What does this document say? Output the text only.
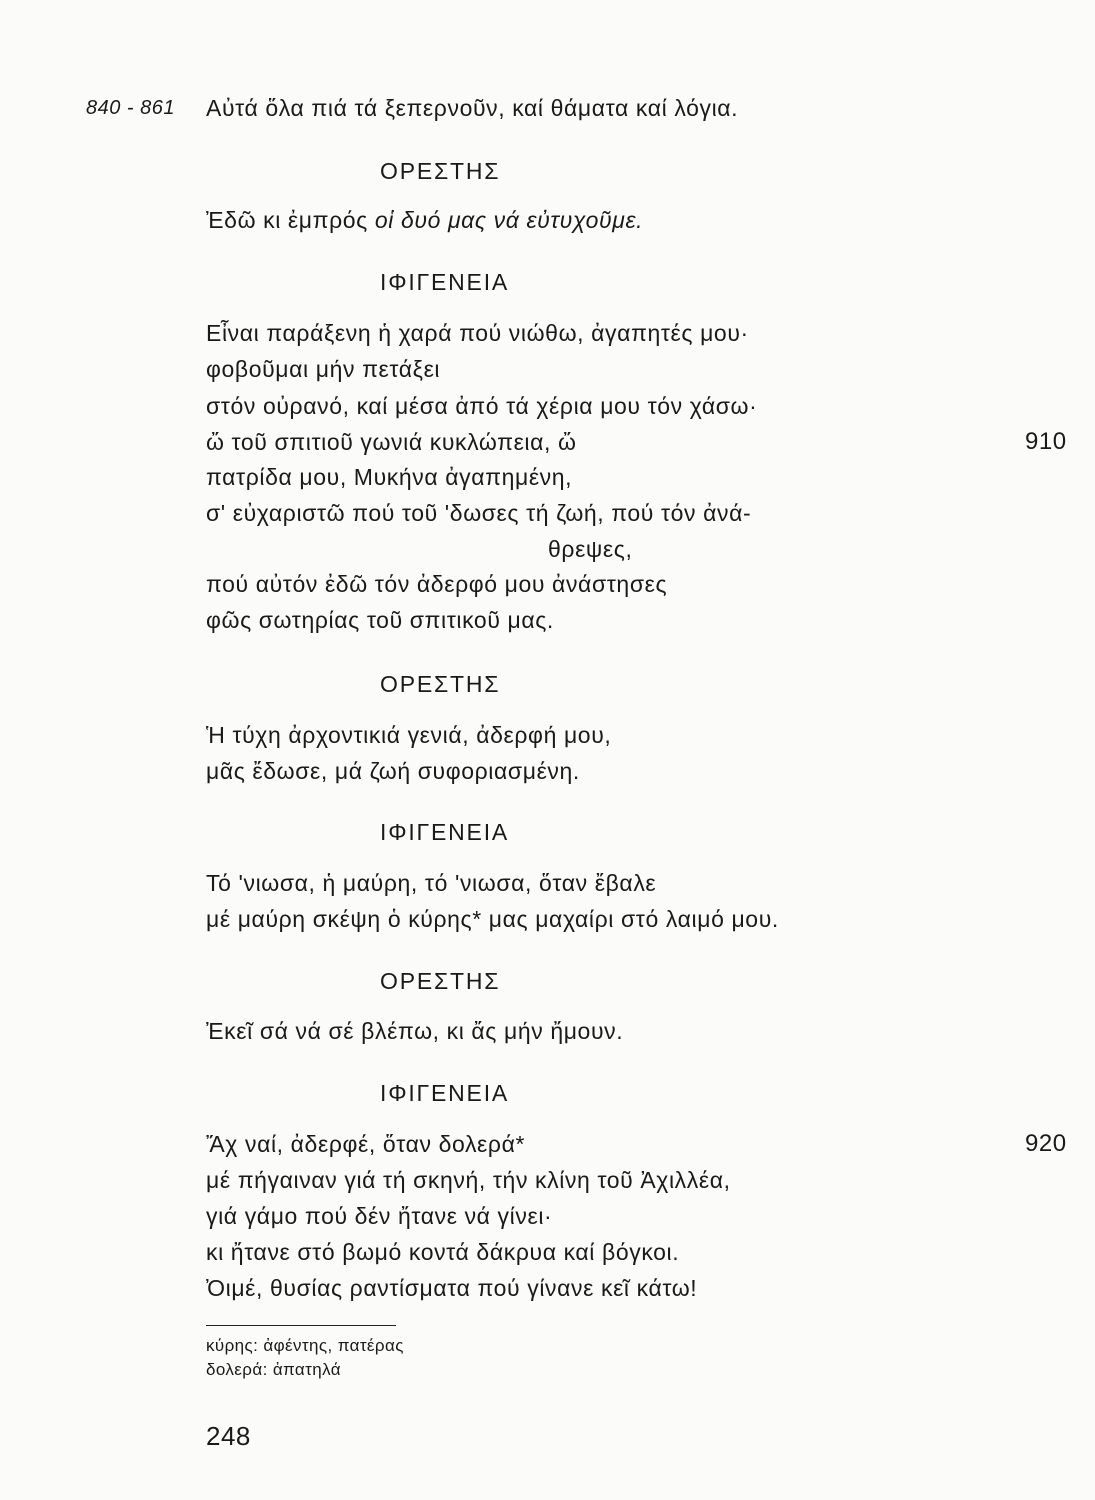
840 - 861 Αὐτά ὅλα πιά τά ξεπερνοῦν, καί θάματα καί λόγια.
ΟΡΕΣΤΗΣ
Ἐδῶ κι ἐμπρός οἱ δυό μας νά εὐτυχοῦμε.
ΙΦΙΓΕΝΕΙΑ
Εἶναι παράξενη ἡ χαρά πού νιώθω, ἀγαπητές μου·
φοβοῦμαι μήν πετάξει
στόν οὐρανό, καί μέσα ἀπό τά χέρια μου τόν χάσω·
ὤ τοῦ σπιτιοῦ γωνιά κυκλώπεια, ὤ	910
πατρίδα μου, Μυκήνα ἀγαπημένη,
σ' εὐχαριστῶ πού τοῦ 'δωσες τή ζωή, πού τόν ἀνά-
θρεψες,
πού αὐτόν ἐδῶ τόν ἀδερφό μου ἀνάστησες
φῶς σωτηρίας τοῦ σπιτικοῦ μας.
ΟΡΕΣΤΗΣ
Ἡ τύχη ἀρχοντικιά γενιά, ἀδερφή μου,
μᾶς ἔδωσε, μά ζωή συφοριασμένη.
ΙΦΙΓΕΝΕΙΑ
Τό 'νιωσα, ἡ μαύρη, τό 'νιωσα, ὅταν ἔβαλε
μέ μαύρη σκέψη ὁ κύρης* μας μαχαίρι στό λαιμό μου.
ΟΡΕΣΤΗΣ
Ἐκεῖ σά νά σέ βλέπω, κι ἄς μήν ἤμουν.
ΙΦΙΓΕΝΕΙΑ
Ἄχ ναί, ἀδερφέ, ὅταν δολερά*	920
μέ πήγαιναν γιά τή σκηνή, τήν κλίνη τοῦ Ἀχιλλέα,
γιά γάμο πού δέν ἤτανε νά γίνει·
κι ἤτανε στό βωμό κοντά δάκρυα καί βόγκοι.
Ὀιμέ, θυσίας ραντίσματα πού γίνανε κεῖ κάτω!
κύρης: ἀφέντης, πατέρας
δολερά: ἀπατηλά
248
